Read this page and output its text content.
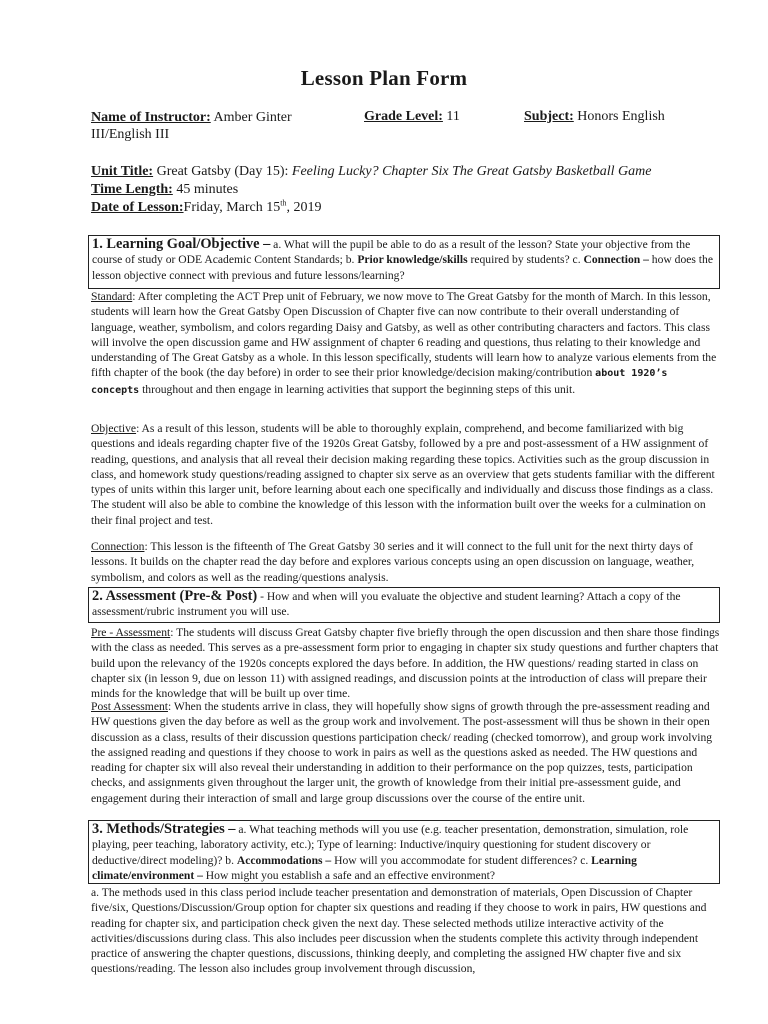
Lesson Plan Form
Name of Instructor: Amber Ginter	Grade Level: 11	Subject: Honors English
III/English III
Unit Title: Great Gatsby (Day 15): Feeling Lucky? Chapter Six The Great Gatsby Basketball Game
Time Length: 45 minutes
Date of Lesson:Friday, March 15th, 2019
1. Learning Goal/Objective – a. What will the pupil be able to do as a result of the lesson? State your objective from the course of study or ODE Academic Content Standards; b. Prior knowledge/skills required by students? c. Connection – how does the lesson objective connect with previous and future lessons/learning?
Standard: After completing the ACT Prep unit of February, we now move to The Great Gatsby for the month of March. In this lesson, students will learn how the Great Gatsby Open Discussion of Chapter five can now contribute to their overall understanding of language, weather, symbolism, and colors regarding Daisy and Gatsby, as well as other contributing characters and factors. This class will involve the open discussion game and HW assignment of chapter 6 reading and questions, thus relating to their knowledge and understanding of The Great Gatsby as a whole. In this lesson specifically, students will learn how to analyze various elements from the fifth chapter of the book (the day before) in order to see their prior knowledge/decision making/contribution about 1920’s concepts throughout and then engage in learning activities that support the beginning steps of this unit.
Objective: As a result of this lesson, students will be able to thoroughly explain, comprehend, and become familiarized with big questions and ideals regarding chapter five of the 1920s Great Gatsby, followed by a pre and post-assessment of a HW assignment of reading, questions, and analysis that all reveal their decision making regarding these topics. Activities such as the group discussion in class, and homework study questions/reading assigned to chapter six serve as an overview that gets students familiar with the different types of units within this larger unit, before learning about each one specifically and individually and discuss those findings as a class. The student will also be able to combine the knowledge of this lesson with the information built over the weeks for a culmination on their final project and test.
Connection: This lesson is the fifteenth of The Great Gatsby 30 series and it will connect to the full unit for the next thirty days of lessons. It builds on the chapter read the day before and explores various concepts using an open discussion on language, weather, symbolism, and colors as well as the reading/questions analysis.
2. Assessment (Pre-& Post) - How and when will you evaluate the objective and student learning? Attach a copy of the assessment/rubric instrument you will use.
Pre - Assessment: The students will discuss Great Gatsby chapter five briefly through the open discussion and then share those findings with the class as needed. This serves as a pre-assessment form prior to engaging in chapter six study questions and further chapters that build upon the relevancy of the 1920s concepts explored the days before. In addition, the HW questions/ reading started in class on chapter six (in lesson 9, due on lesson 11) with assigned readings, and discussion points at the introduction of class will prepare their minds for the knowledge that will be built up over time.
Post Assessment: When the students arrive in class, they will hopefully show signs of growth through the pre-assessment reading and HW questions given the day before as well as the group work and involvement. The post-assessment will thus be shown in their open discussion as a class, results of their discussion questions participation check/ reading (checked tomorrow), and group work involving the assigned reading and questions if they choose to work in pairs as well as the questions asked as needed. The HW questions and reading for chapter six will also reveal their understanding in addition to their performance on the pop quizzes, tests, participation checks, and assignments given throughout the larger unit, the growth of knowledge from their initial pre-assessment guide, and engagement during their interaction of small and large group discussions over the course of the entire unit.
3. Methods/Strategies – a. What teaching methods will you use (e.g. teacher presentation, demonstration, simulation, role playing, peer teaching, laboratory activity, etc.); Type of learning: Inductive/inquiry questioning for student discovery or deductive/direct modeling)? b. Accommodations – How will you accommodate for student differences? c. Learning climate/environment – How might you establish a safe and an effective environment?
a. The methods used in this class period include teacher presentation and demonstration of materials, Open Discussion of Chapter five/six, Questions/Discussion/Group option for chapter six questions and reading if they choose to work in pairs, HW questions and reading for chapter six, and participation check given the next day. These selected methods utilize interactive activity of the activities/discussions during class. This also includes peer discussion when the students complete this activity through independent practice of answering the chapter questions, discussions, thinking deeply, and completing the assigned HW chapter five and six questions/reading. The lesson also includes group involvement through discussion,
